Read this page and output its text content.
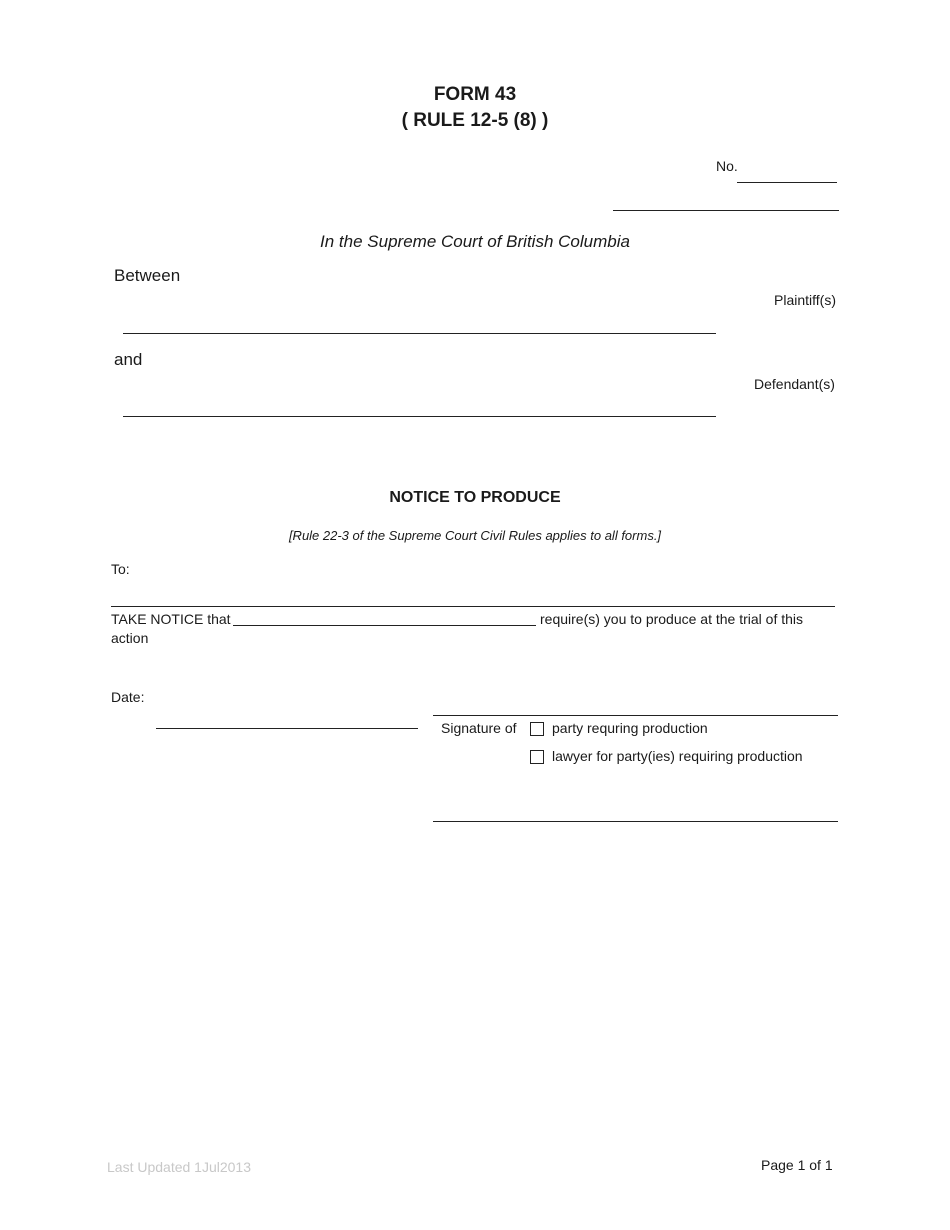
FORM 43
( RULE 12-5 (8) )
No.
In the Supreme Court of British Columbia
Between
Plaintiff(s)
and
Defendant(s)
NOTICE TO PRODUCE
[Rule 22-3 of the Supreme Court Civil Rules applies to all forms.]
To:
TAKE NOTICE that	require(s) you to produce at the trial of this
action
Date:
Signature of	party requring production
lawyer for party(ies) requiring production
Last Updated 1Jul2013	Page 1 of 1
